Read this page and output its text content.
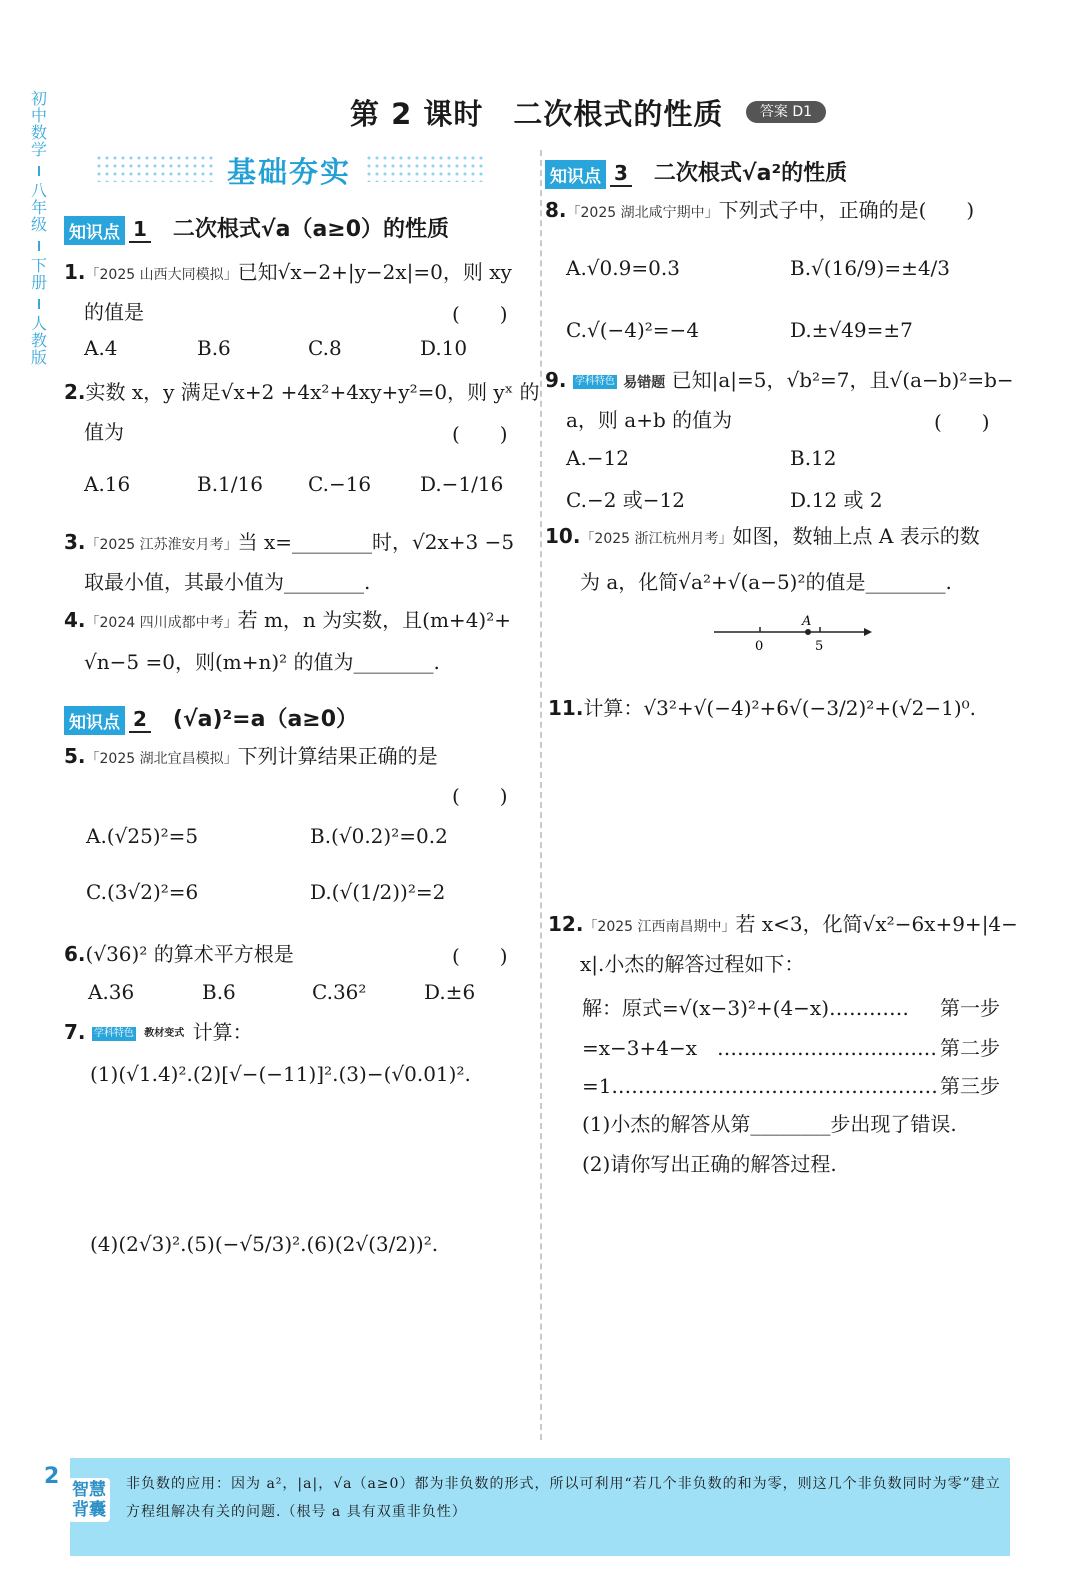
初中数学
八年级
下册
人教版
第 2 课时　二次根式的性质	答案 D1
基础夯实
知识点 1 二次根式√a（a≥0）的性质
1.「2025 山西大同模拟」已知√x−2+|y−2x|=0，则 xy
的值是	(　　)
A.4	B.6	C.8	D.10
2.实数 x，y 满足√x+2 +4x²+4xy+y²=0，则 yˣ 的
值为	(　　)
A.16	B.1/16 C.−16 D.−1/16
3.「2025 江苏淮安月考」当 x=________时，√2x+3 −5
取最小值，其最小值为________.
4.「2024 四川成都中考」若 m，n 为实数，且(m+4)²+
√n−5 =0，则(m+n)² 的值为________.
知识点 2 (√a)²=a（a≥0）
5.「2025 湖北宜昌模拟」下列计算结果正确的是
(　　)
A.(√25)²=5	B.(√0.2)²=0.2
C.(3√2)²=6	D.(√(1/2))²=2
6.(√36)² 的算术平方根是	(　　)
A.36	B.6	C.36²	D.±6
7. 学科特色 教材变式 计算：
(1)(√1.4)².(2)[√−(−11)]².(3)−(√0.01)².
(4)(2√3)².(5)(−√5/3)².(6)(2√(3/2))².
知识点 3 二次根式√a²的性质
8.「2025 湖北咸宁期中」下列式子中，正确的是(　　)
A.√0.9=0.3	B.√(16/9)=±4/3
C.√(−4)²=−4	D.±√49=±7
9. 学科特色 易错题 已知|a|=5，√b²=7，且√(a−b)²=b−
a，则 a+b 的值为	(　　)
A.−12	B.12
C.−2 或−12	D.12 或 2
10.「2025 浙江杭州月考」如图，数轴上点 A 表示的数
为 a，化简√a²+√(a−5)²的值是________.
A
0	5
11.计算：√3²+√(−4)²+6√(−3/2)²+(√2−1)⁰.
12.「2025 江西南昌期中」若 x<3，化简√x²−6x+9+|4−
x|.小杰的解答过程如下：
解：原式=√(x−3)²+(4−x)………… 第一步
=x−3+4−x　…………………………… 第二步
=1.………………………………………… 第三步
(1)小杰的解答从第________步出现了错误.
(2)请你写出正确的解答过程.
2
智慧背囊
非负数的应用：因为 a²，|a|，√a（a≥0）都为非负数的形式，所以可利用“若几个非负数的和为零，则这几个非负数同时为零”建立方程组解决有关的问题.（根号 a 具有双重非负性）
